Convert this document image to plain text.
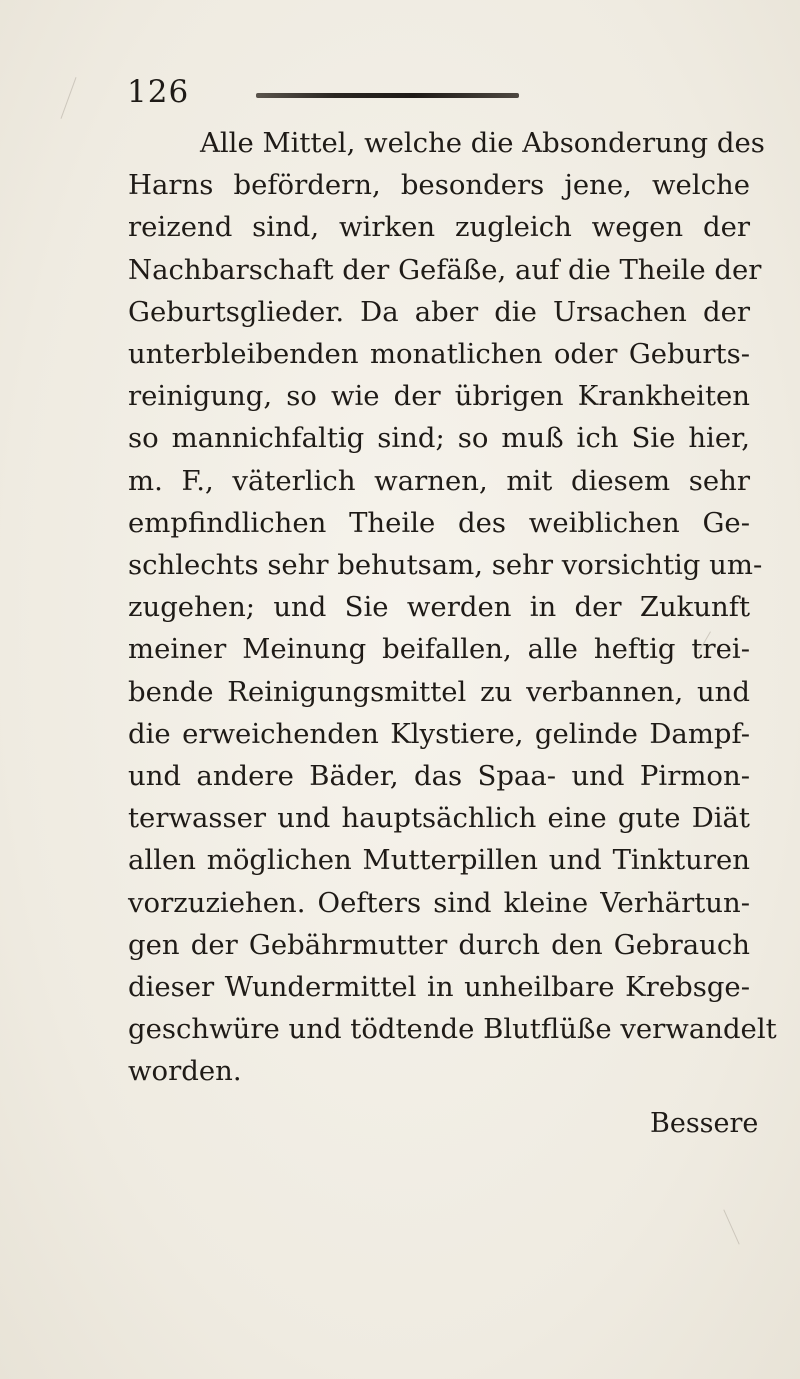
126
Alle Mittel, welche die Absonderung des
Harns befördern, besonders jene, welche
reizend sind, wirken zugleich wegen der
Nachbarschaft der Gefäße, auf die Theile der
Geburtsglieder. Da aber die Ursachen der
unterbleibenden monatlichen oder Geburts-
reinigung, so wie der übrigen Krankheiten
so mannichfaltig sind; so muß ich Sie hier,
m. F., väterlich warnen, mit diesem sehr
empfindlichen Theile des weiblichen Ge-
schlechts sehr behutsam, sehr vorsichtig um-
zugehen; und Sie werden in der Zukunft
meiner Meinung beifallen, alle heftig trei-
bende Reinigungsmittel zu verbannen, und
die erweichenden Klystiere, gelinde Dampf-
und andere Bäder, das Spaa- und Pirmon-
terwasser und hauptsächlich eine gute Diät
allen möglichen Mutterpillen und Tinkturen
vorzuziehen. Oefters sind kleine Verhärtun-
gen der Gebährmutter durch den Gebrauch
dieser Wundermittel in unheilbare Krebsge-
geschwüre und tödtende Blutflüße verwandelt
worden.
Bessere
